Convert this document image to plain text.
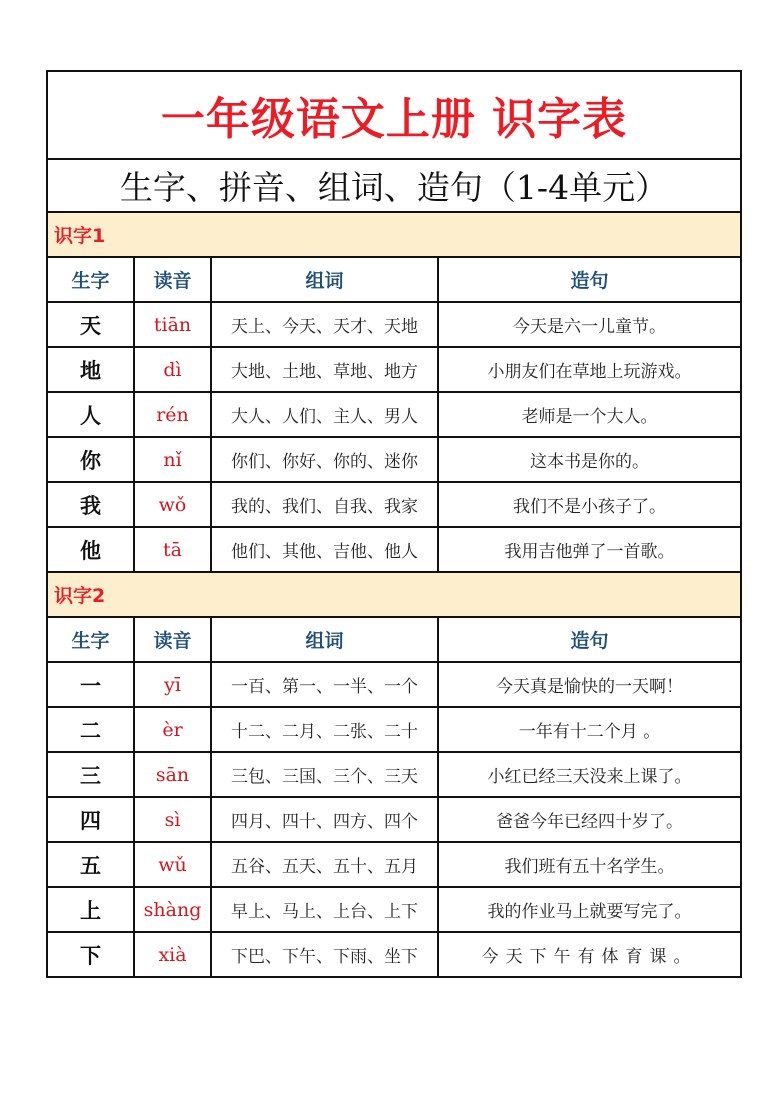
一年级语文上册 识字表			
生字、拼音、组词、造句（1-4单元）			
识字1			
生字	读音	组词	造句
天	tiān	天上、今天、天才、天地	今天是六一儿童节。
地	dì	大地、土地、草地、地方	小朋友们在草地上玩游戏。
人	rén	大人、人们、主人、男人	老师是一个大人。
你	nǐ	你们、你好、你的、迷你	这本书是你的。
我	wǒ	我的、我们、自我、我家	我们不是小孩子了。
他	tā	他们、其他、吉他、他人	我用吉他弹了一首歌。
识字2			
生字	读音	组词	造句
一	yī	一百、第一、一半、一个	今天真是愉快的一天啊！
二	èr	十二、二月、二张、二十	一年有十二个月 。
三	sān	三包、三国、三个、三天	小红已经三天没来上课了。
四	sì	四月、四十、四方、四个	爸爸今年已经四十岁了。
五	wǔ	五谷、五天、五十、五月	我们班有五十名学生。
上	shàng	早上、马上、上台、上下	我的作业马上就要写完了。
下	xià	下巴、下午、下雨、坐下	今天下午有体育课。
